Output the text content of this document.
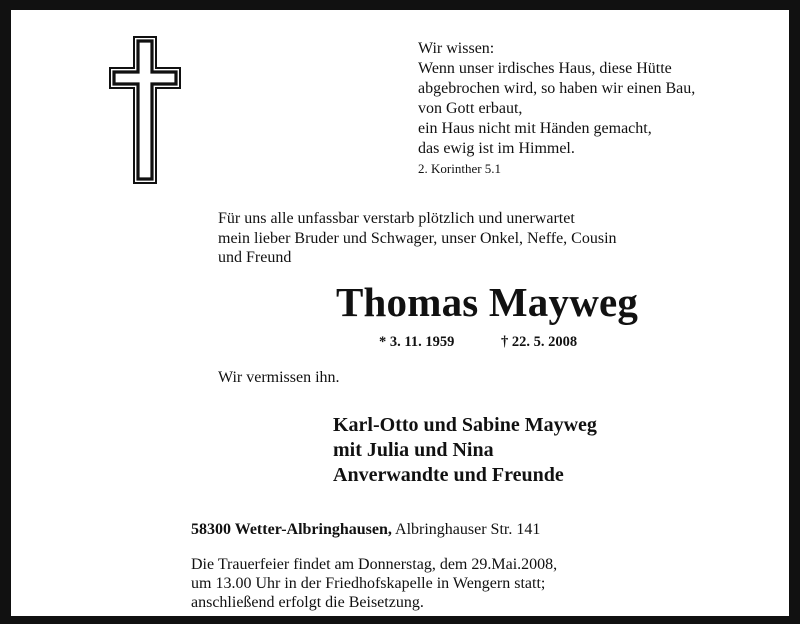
Wir wissen:
Wenn unser irdisches Haus, diese Hütte
abgebrochen wird, so haben wir einen Bau,
von Gott erbaut,
ein Haus nicht mit Händen gemacht,
das ewig ist im Himmel.
2. Korinther 5.1
Für uns alle unfassbar verstarb plötzlich und unerwartet
mein lieber Bruder und Schwager, unser Onkel, Neffe, Cousin
und Freund
Thomas Mayweg
* 3. 11. 1959	† 22. 5. 2008
Wir vermissen ihn.
Karl-Otto und Sabine Mayweg
mit Julia und Nina
Anverwandte und Freunde
58300 Wetter-Albringhausen, Albringhauser Str. 141
Die Trauerfeier findet am Donnerstag, dem 29.Mai.2008,
um 13.00 Uhr in der Friedhofskapelle in Wengern statt;
anschließend erfolgt die Beisetzung.
